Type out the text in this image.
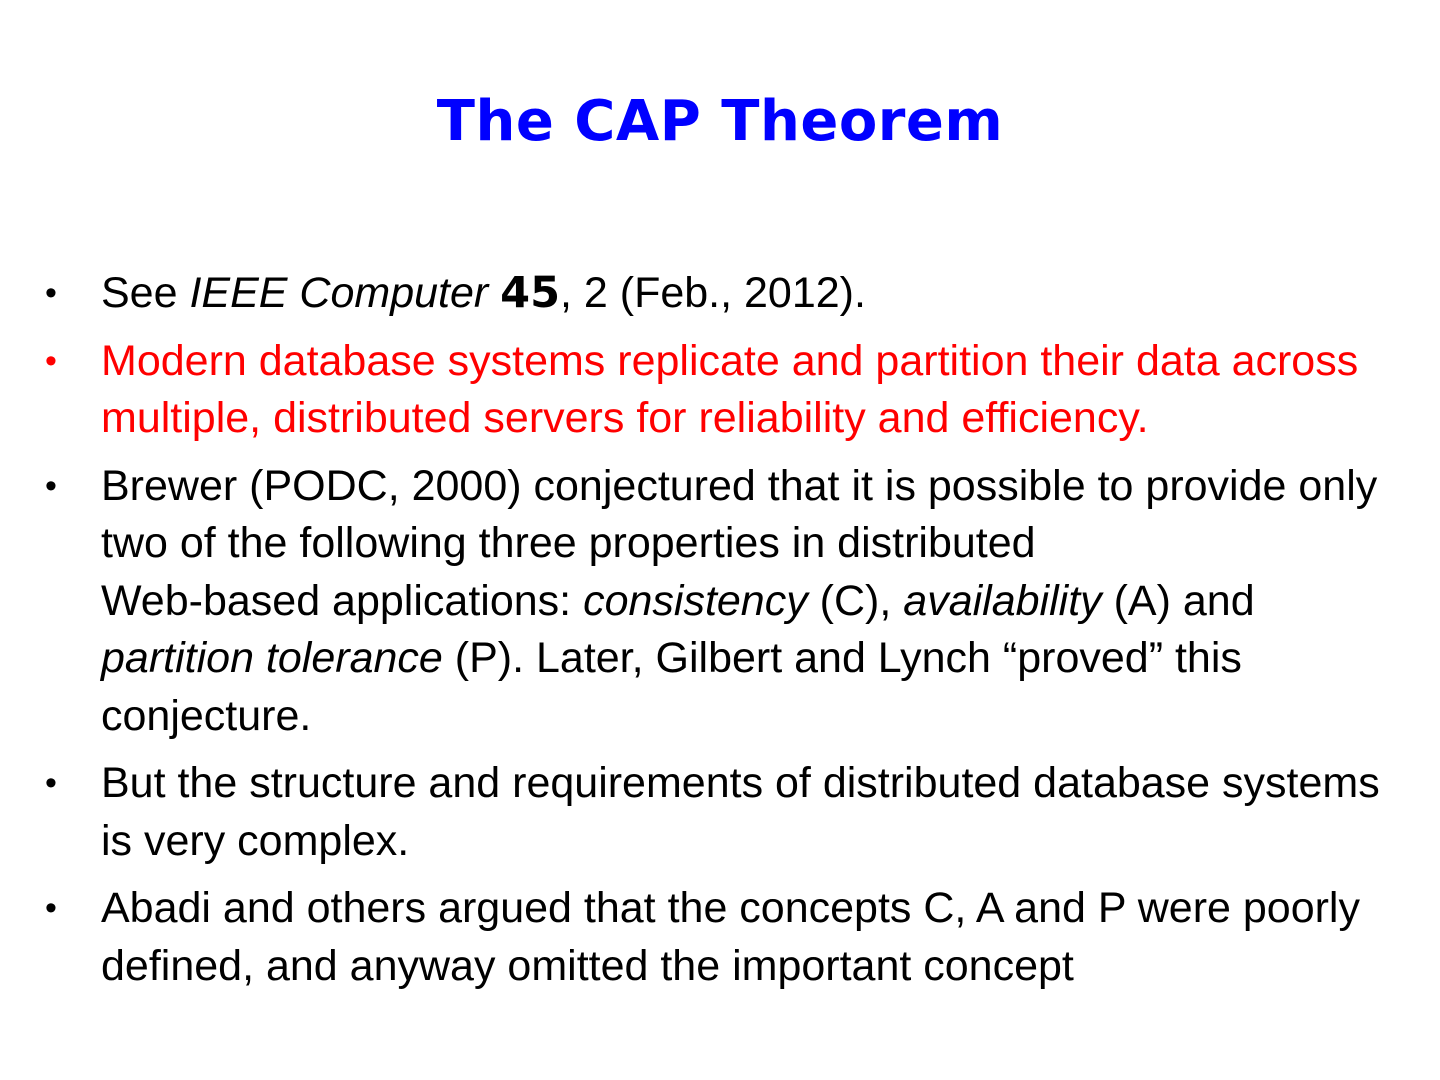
The CAP Theorem
• See IEEE Computer 45, 2 (Feb., 2012).
• Modern database systems replicate and partition their data across multiple, distributed servers for reliability and efficiency.
• Brewer (PODC, 2000) conjectured that it is possible to provide only two of the following three properties in distributed
Web-based applications: consistency (C), availability (A) and partition tolerance (P). Later, Gilbert and Lynch “proved” this conjecture.
• But the structure and requirements of distributed database systems is very complex.
• Abadi and others argued that the concepts C, A and P were poorly defined, and anyway omitted the important concept
